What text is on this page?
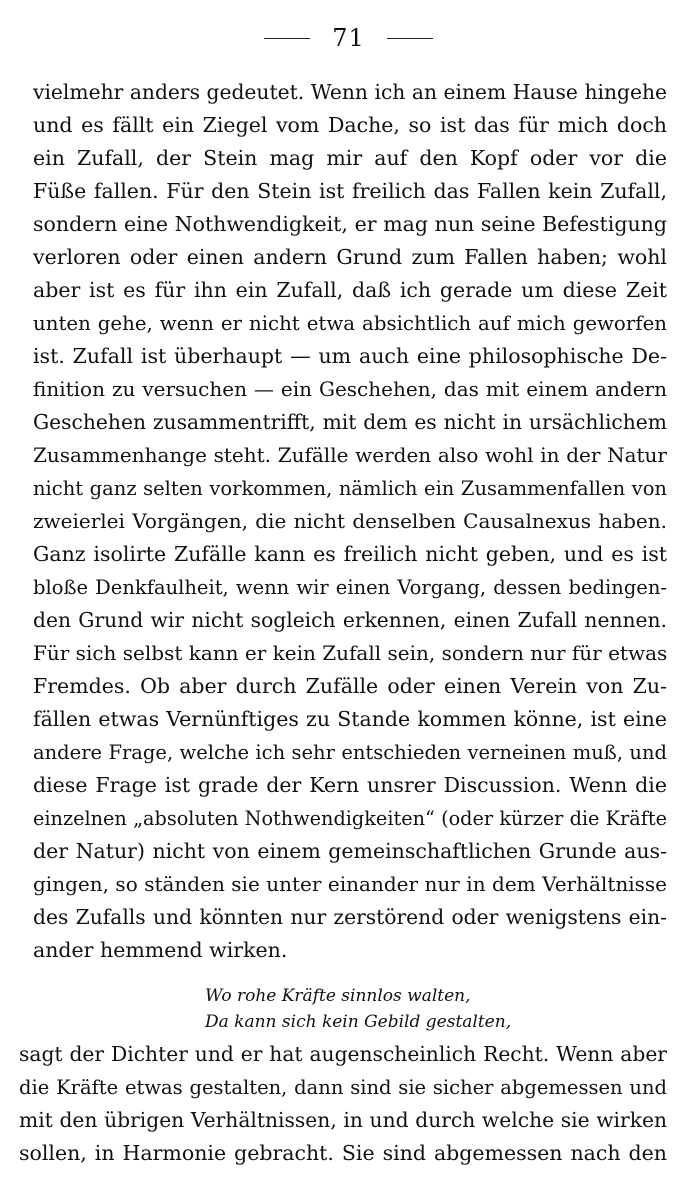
71
vielmehr anders gedeutet. Wenn ich an einem Hause hingehe
und es fällt ein Ziegel vom Dache, so ist das für mich doch
ein Zufall, der Stein mag mir auf den Kopf oder vor die
Füße fallen. Für den Stein ist freilich das Fallen kein Zufall,
sondern eine Nothwendigkeit, er mag nun seine Befestigung
verloren oder einen andern Grund zum Fallen haben; wohl
aber ist es für ihn ein Zufall, daß ich gerade um diese Zeit
unten gehe, wenn er nicht etwa absichtlich auf mich geworfen
ist. Zufall ist überhaupt — um auch eine philosophische De-
finition zu versuchen — ein Geschehen, das mit einem andern
Geschehen zusammentrifft, mit dem es nicht in ursächlichem
Zusammenhange steht. Zufälle werden also wohl in der Natur
nicht ganz selten vorkommen, nämlich ein Zusammenfallen von
zweierlei Vorgängen, die nicht denselben Causalnexus haben.
Ganz isolirte Zufälle kann es freilich nicht geben, und es ist
bloße Denkfaulheit, wenn wir einen Vorgang, dessen bedingen-
den Grund wir nicht sogleich erkennen, einen Zufall nennen.
Für sich selbst kann er kein Zufall sein, sondern nur für etwas
Fremdes. Ob aber durch Zufälle oder einen Verein von Zu-
fällen etwas Vernünftiges zu Stande kommen könne, ist eine
andere Frage, welche ich sehr entschieden verneinen muß, und
diese Frage ist grade der Kern unsrer Discussion. Wenn die
einzelnen „absoluten Nothwendigkeiten“ (oder kürzer die Kräfte
der Natur) nicht von einem gemeinschaftlichen Grunde aus-
gingen, so ständen sie unter einander nur in dem Verhältnisse
des Zufalls und könnten nur zerstörend oder wenigstens ein-
ander hemmend wirken.
Wo rohe Kräfte sinnlos walten,
Da kann sich kein Gebild gestalten,
sagt der Dichter und er hat augenscheinlich Recht. Wenn aber
die Kräfte etwas gestalten, dann sind sie sicher abgemessen und
mit den übrigen Verhältnissen, in und durch welche sie wirken
sollen, in Harmonie gebracht. Sie sind abgemessen nach den
